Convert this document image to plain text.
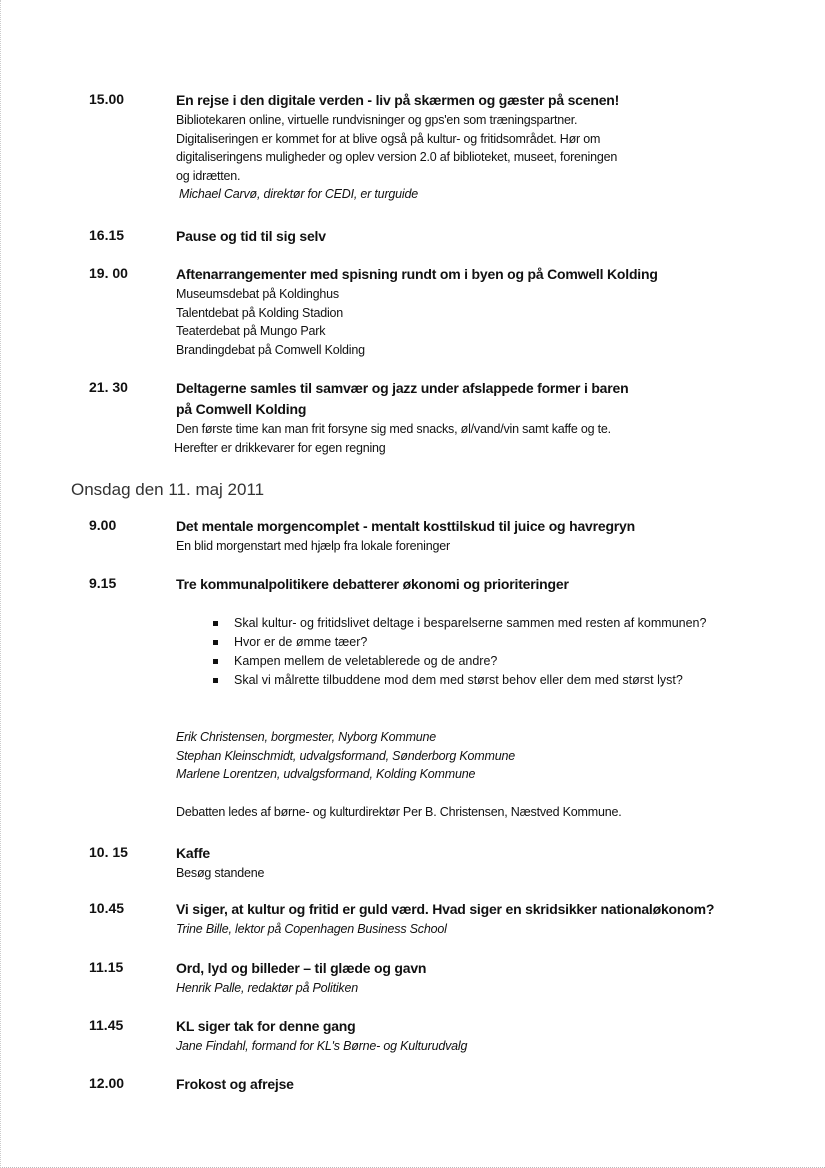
15.00	En rejse i den digitale verden - liv på skærmen og gæster på scenen!
Bibliotekaren online, virtuelle rundvisninger og gps'en som træningspartner.
Digitaliseringen er kommet for at blive også på kultur- og fritidsområdet. Hør om
digitaliseringens muligheder og oplev version 2.0 af biblioteket, museet, foreningen
og idrætten.
Michael Carvø, direktør for CEDI, er turguide
16.15	Pause og tid til sig selv
19. 00	Aftenarrangementer med spisning rundt om i byen og på Comwell Kolding
Museumsdebat på Koldinghus
Talentdebat på Kolding Stadion
Teaterdebat på Mungo Park
Brandingdebat på Comwell Kolding
21. 30	Deltagerne samles til samvær og jazz under afslappede former i baren
på Comwell Kolding
Den første time kan man frit forsyne sig med snacks, øl/vand/vin samt kaffe og te.
Herefter er drikkevarer for egen regning
Onsdag den 11. maj 2011
9.00	Det mentale morgencomplet - mentalt kosttilskud til juice og havregryn
En blid morgenstart med hjælp fra lokale foreninger
9.15	Tre kommunalpolitikere debatterer økonomi og prioriteringer
Skal kultur- og fritidslivet deltage i besparelserne sammen med resten af kommunen?
Hvor er de ømme tæer?
Kampen mellem de veletablerede og de andre?
Skal vi målrette tilbuddene mod dem med størst behov eller dem med størst lyst?
Erik Christensen, borgmester, Nyborg Kommune
Stephan Kleinschmidt, udvalgsformand, Sønderborg Kommune
Marlene Lorentzen, udvalgsformand, Kolding Kommune
Debatten ledes af børne- og kulturdirektør Per B. Christensen, Næstved Kommune.
10. 15	Kaffe
Besøg standene
10.45	Vi siger, at kultur og fritid er guld værd. Hvad siger en skridsikker nationaløkonom?
Trine Bille, lektor på Copenhagen Business School
11.15	Ord, lyd og billeder – til glæde og gavn
Henrik Palle, redaktør på Politiken
11.45	KL siger tak for denne gang
Jane Findahl, formand for KL's Børne- og Kulturudvalg
12.00	Frokost og afrejse
